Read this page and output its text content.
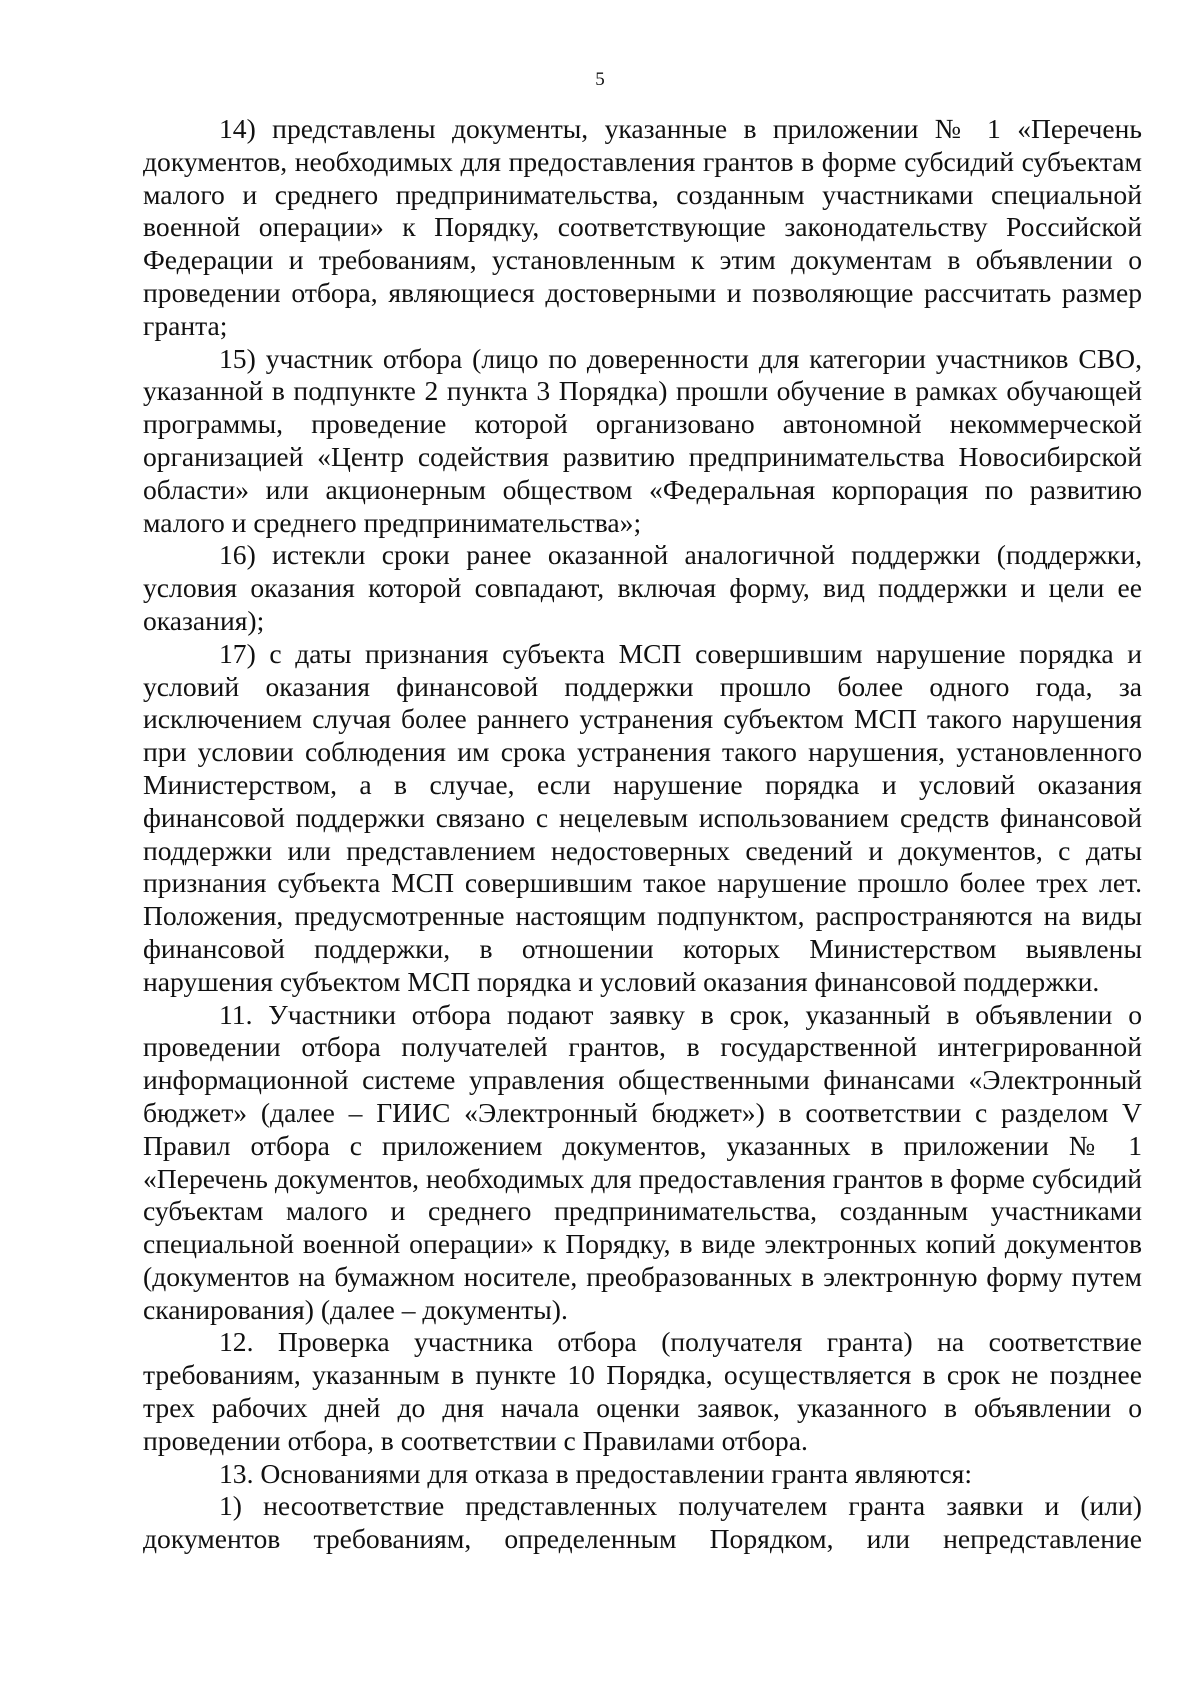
5

14) представлены документы, указанные в приложении № 1 «Перечень документов, необходимых для предоставления грантов в форме субсидий субъектам малого и среднего предпринимательства, созданным участниками специальной военной операции» к Порядку, соответствующие законодательству Российской Федерации и требованиям, установленным к этим документам в объявлении о проведении отбора, являющиеся достоверными и позволяющие рассчитать размер гранта;

15) участник отбора (лицо по доверенности для категории участников СВО, указанной в подпункте 2 пункта 3 Порядка) прошли обучение в рамках обучающей программы, проведение которой организовано автономной некоммерческой организацией «Центр содействия развитию предпринимательства Новосибирской области» или акционерным обществом «Федеральная корпорация по развитию малого и среднего предпринимательства»;

16) истекли сроки ранее оказанной аналогичной поддержки (поддержки, условия оказания которой совпадают, включая форму, вид поддержки и цели ее оказания);

17) с даты признания субъекта МСП совершившим нарушение порядка и условий оказания финансовой поддержки прошло более одного года, за исключением случая более раннего устранения субъектом МСП такого нарушения при условии соблюдения им срока устранения такого нарушения, установленного Министерством, а в случае, если нарушение порядка и условий оказания финансовой поддержки связано с нецелевым использованием средств финансовой поддержки или представлением недостоверных сведений и документов, с даты признания субъекта МСП совершившим такое нарушение прошло более трех лет. Положения, предусмотренные настоящим подпунктом, распространяются на виды финансовой поддержки, в отношении которых Министерством выявлены нарушения субъектом МСП порядка и условий оказания финансовой поддержки.

11. Участники отбора подают заявку в срок, указанный в объявлении о проведении отбора получателей грантов, в государственной интегрированной информационной системе управления общественными финансами «Электронный бюджет» (далее – ГИИС «Электронный бюджет») в соответствии с разделом V Правил отбора с приложением документов, указанных в приложении № 1 «Перечень документов, необходимых для предоставления грантов в форме субсидий субъектам малого и среднего предпринимательства, созданным участниками специальной военной операции» к Порядку, в виде электронных копий документов (документов на бумажном носителе, преобразованных в электронную форму путем сканирования) (далее – документы).

12. Проверка участника отбора (получателя гранта) на соответствие требованиям, указанным в пункте 10 Порядка, осуществляется в срок не позднее трех рабочих дней до дня начала оценки заявок, указанного в объявлении о проведении отбора, в соответствии с Правилами отбора.

13. Основаниями для отказа в предоставлении гранта являются:

1) несоответствие представленных получателем гранта заявки и (или) документов требованиям, определенным Порядком, или непредставление
